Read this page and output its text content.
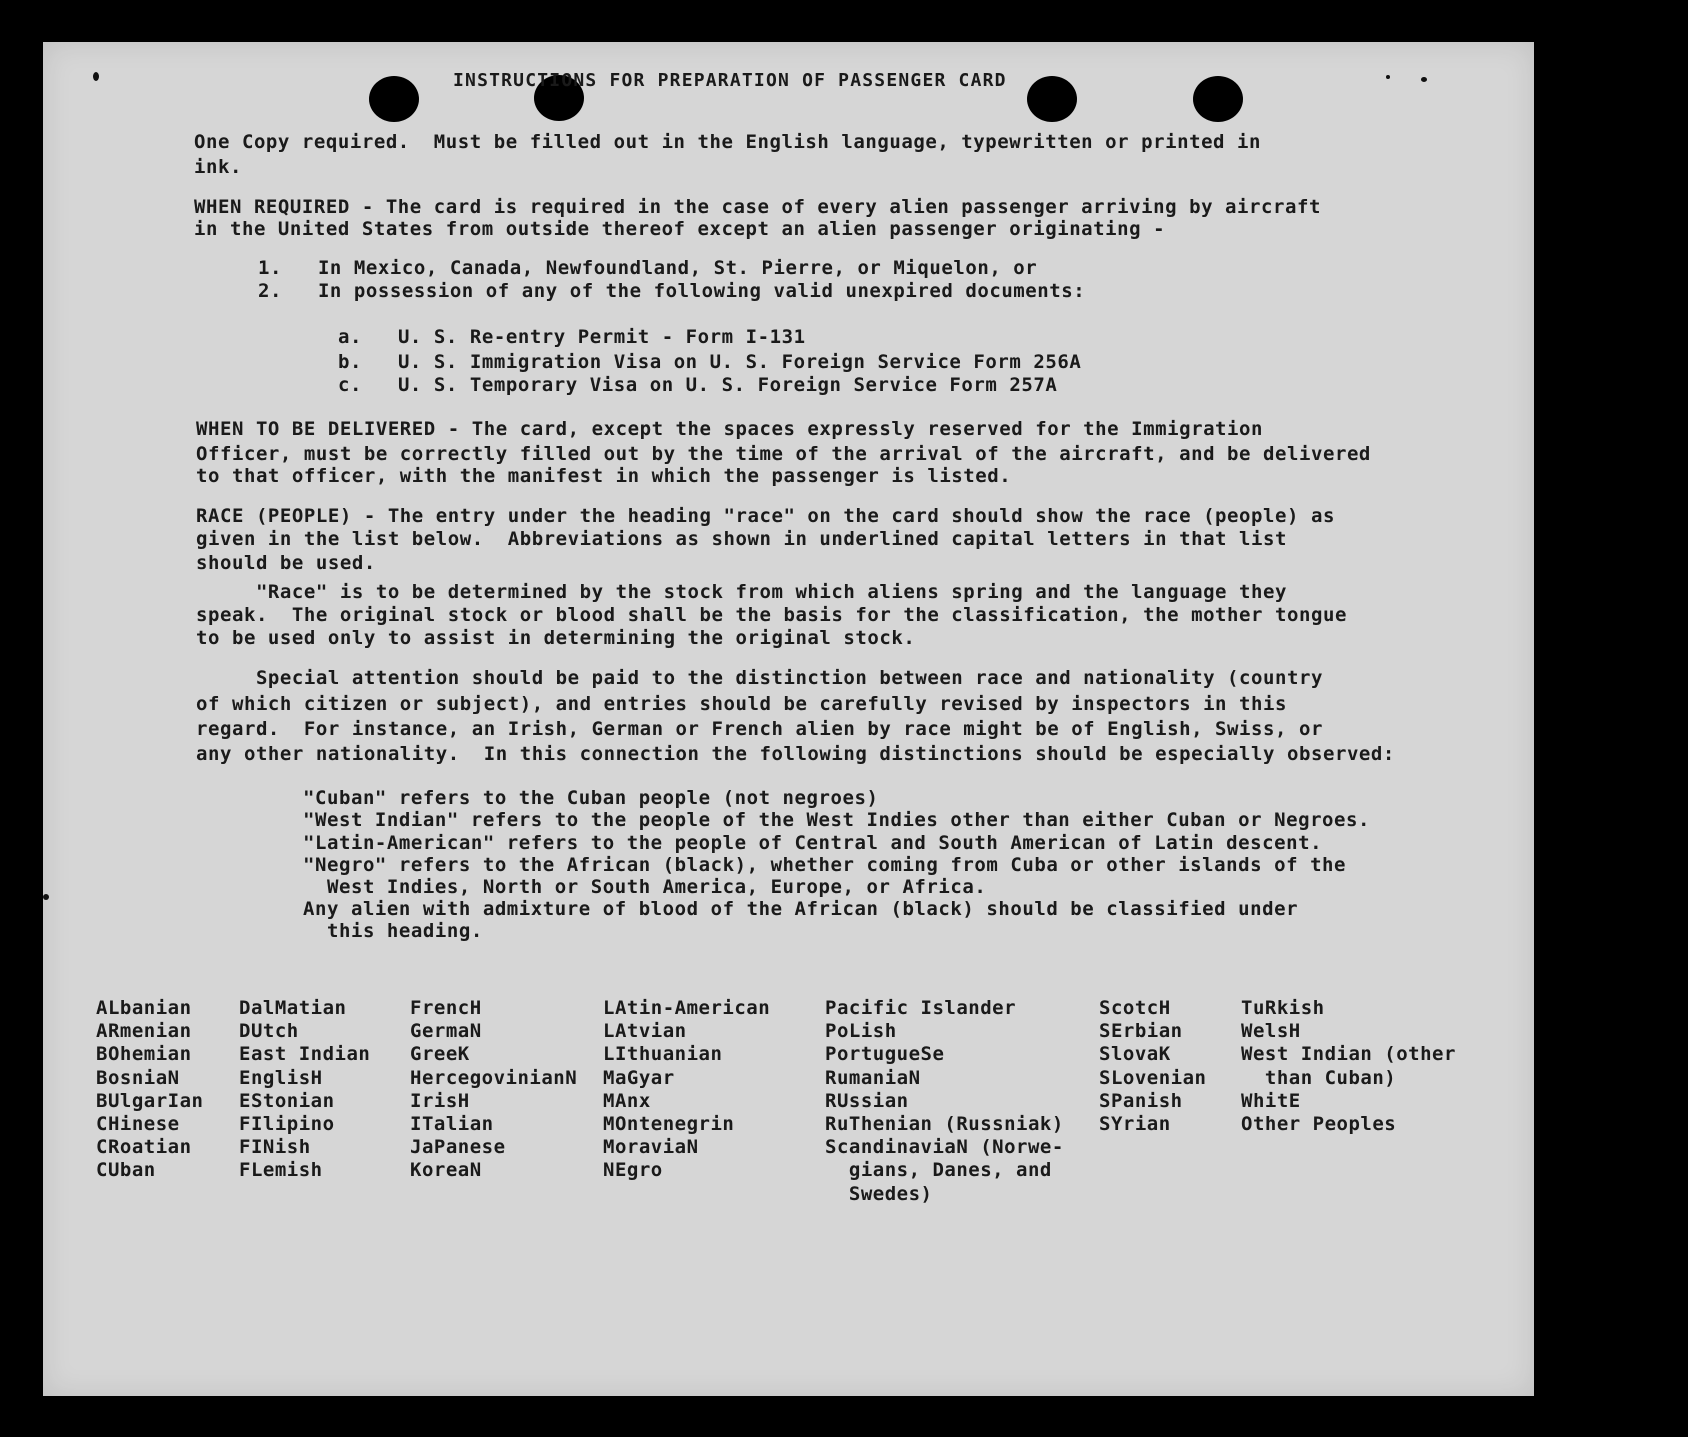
INSTRUCTIONS FOR PREPARATION OF PASSENGER CARD
One Copy required.  Must be filled out in the English language, typewritten or printed in
ink.
WHEN REQUIRED - The card is required in the case of every alien passenger arriving by aircraft
in the United States from outside thereof except an alien passenger originating -
1.   In Mexico, Canada, Newfoundland, St. Pierre, or Miquelon, or
2.   In possession of any of the following valid unexpired documents:
a.   U. S. Re-entry Permit - Form I-131
b.   U. S. Immigration Visa on U. S. Foreign Service Form 256A
c.   U. S. Temporary Visa on U. S. Foreign Service Form 257A
WHEN TO BE DELIVERED - The card, except the spaces expressly reserved for the Immigration
Officer, must be correctly filled out by the time of the arrival of the aircraft, and be delivered
to that officer, with the manifest in which the passenger is listed.
RACE (PEOPLE) - The entry under the heading "race" on the card should show the race (people) as
given in the list below.  Abbreviations as shown in underlined capital letters in that list
should be used.
"Race" is to be determined by the stock from which aliens spring and the language they
speak.  The original stock or blood shall be the basis for the classification, the mother tongue
to be used only to assist in determining the original stock.
Special attention should be paid to the distinction between race and nationality (country
of which citizen or subject), and entries should be carefully revised by inspectors in this
regard.  For instance, an Irish, German or French alien by race might be of English, Swiss, or
any other nationality.  In this connection the following distinctions should be especially observed:
"Cuban" refers to the Cuban people (not negroes)
"West Indian" refers to the people of the West Indies other than either Cuban or Negroes.
"Latin-American" refers to the people of Central and South American of Latin descent.
"Negro" refers to the African (black), whether coming from Cuba or other islands of the
West Indies, North or South America, Europe, or Africa.
Any alien with admixture of blood of the African (black) should be classified under
this heading.
ALbanian
ARmenian
BOhemian
BosniaN
BUlgarIan
CHinese
CRoatian
CUban
DalMatian
DUtch
East Indian
EnglisH
EStonian
FIlipino
FINish
FLemish
FrencH
GermaN
GreeK
HercegovinianN
IrisH
ITalian
JaPanese
KoreaN
LAtin-American
LAtvian
LIthuanian
MaGyar
MAnx
MOntenegrin
MoraviaN
NEgro
Pacific Islander
PoLish
PortugueSe
RumaniaN
RUssian
RuThenian (Russniak)
ScandinaviaN (Norwe-
gians, Danes, and
Swedes)
ScotcH
SErbian
SlovaK
SLovenian
SPanish
SYrian
TuRkish
WelsH
West Indian (other
than Cuban)
WhitE
Other Peoples
